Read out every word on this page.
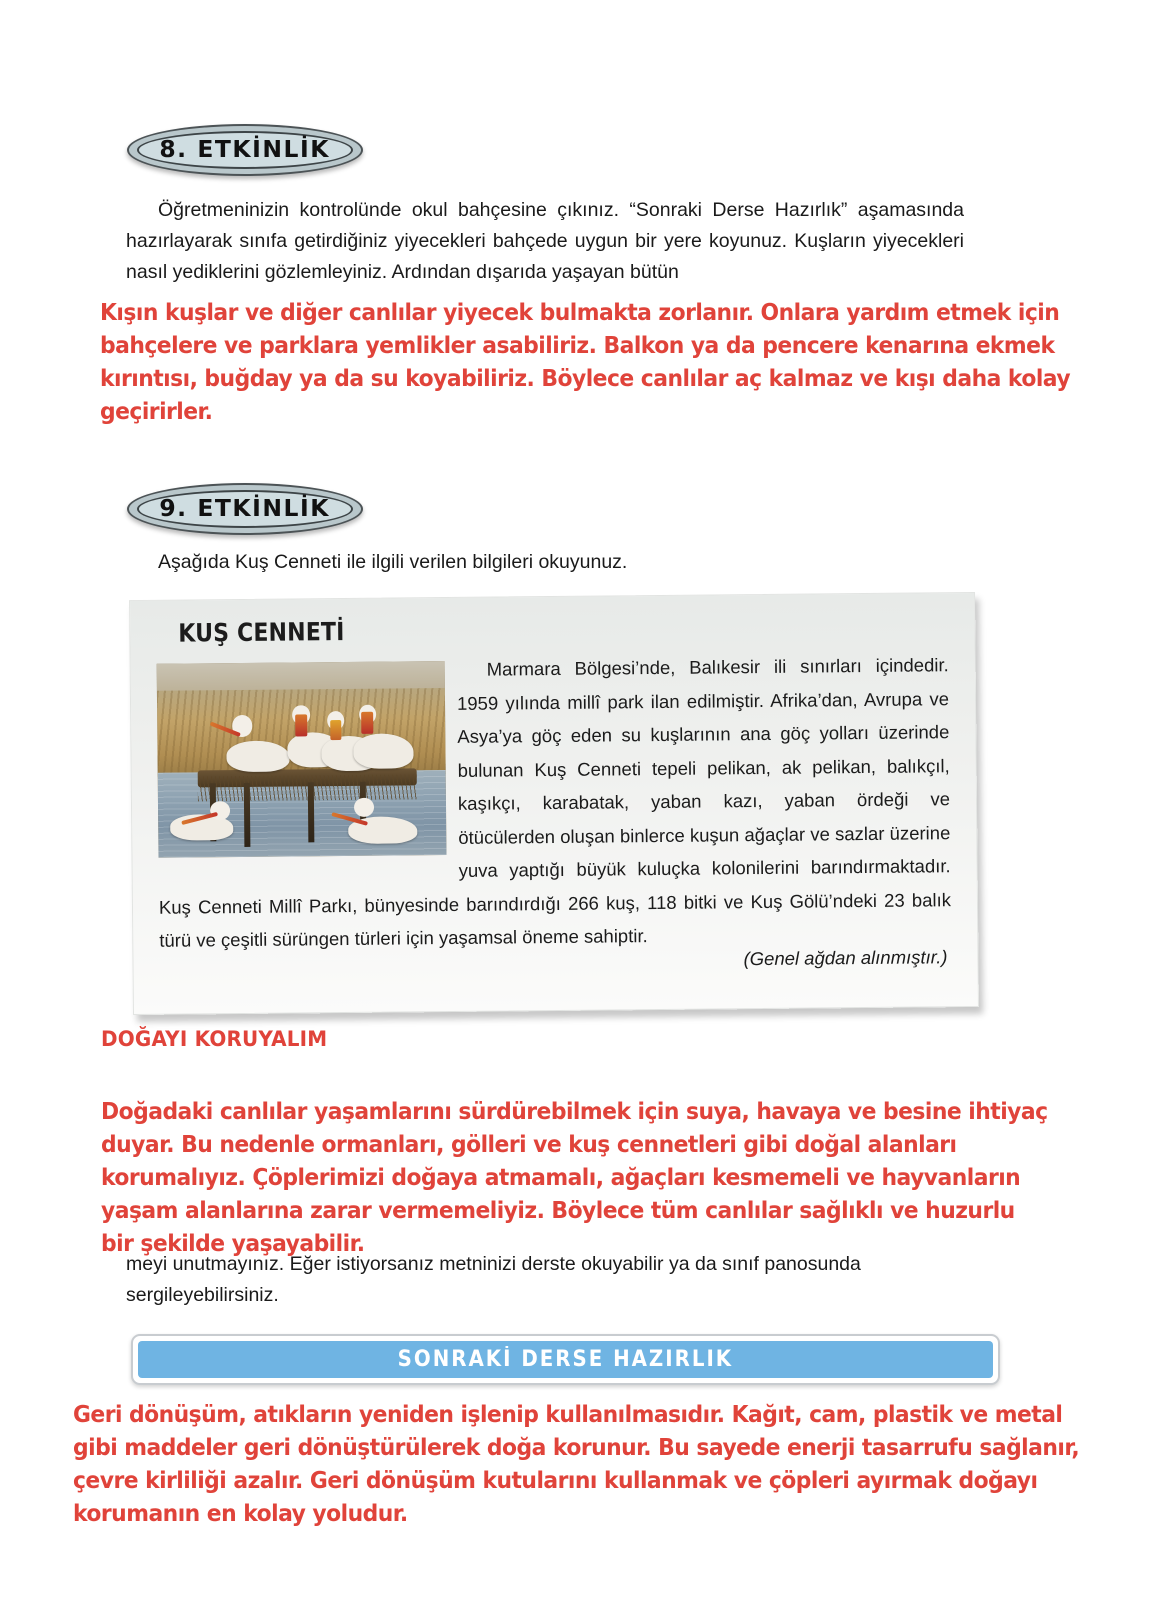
8. ETKİNLİK
Öğretmeninizin kontrolünde okul bahçesine çıkınız. “Sonraki Derse Hazırlık” aşamasında hazırlayarak sınıfa getirdiğiniz yiyecekleri bahçede uygun bir yere koyunuz. Kuşların yiyecekleri nasıl yediklerini gözlemleyiniz. Ardından dışarıda yaşayan bütün
Kışın kuşlar ve diğer canlılar yiyecek bulmakta zorlanır. Onlara yardım etmek için bahçelere ve parklara yemlikler asabiliriz. Balkon ya da pencere kenarına ekmek kırıntısı, buğday ya da su koyabiliriz. Böylece canlılar aç kalmaz ve kışı daha kolay geçirirler.
9. ETKİNLİK
Aşağıda Kuş Cenneti ile ilgili verilen bilgileri okuyunuz.
KUŞ CENNETİ
Marmara Bölgesi’nde, Balıkesir ili sınırları içindedir. 1959 yılında millî park ilan edilmiştir. Afrika’dan, Avrupa ve Asya’ya göç eden su kuşlarının ana göç yolları üzerinde bulunan Kuş Cenneti tepeli pelikan, ak pelikan, balıkçıl, kaşıkçı, karabatak, yaban kazı, yaban ördeği ve ötücülerden oluşan binlerce kuşun ağaçlar ve sazlar üzerine yuva yaptığı büyük kuluçka kolonilerini barındırmaktadır. Kuş Cenneti Millî Parkı, bünyesinde barındırdığı 266 kuş, 118 bitki ve Kuş Gölü’ndeki 23 balık türü ve çeşitli sürüngen türleri için yaşamsal öneme sahiptir.
(Genel ağdan alınmıştır.)
DOĞAYI KORUYALIM
Doğadaki canlılar yaşamlarını sürdürebilmek için suya, havaya ve besine ihtiyaç duyar. Bu nedenle ormanları, gölleri ve kuş cennetleri gibi doğal alanları korumalıyız. Çöplerimizi doğaya atmamalı, ağaçları kesmemeli ve hayvanların yaşam alanlarına zarar vermemeliyiz. Böylece tüm canlılar sağlıklı ve huzurlu bir şekilde yaşayabilir.
meyi unutmayınız. Eğer istiyorsanız metninizi derste okuyabilir ya da sınıf panosunda sergileyebilirsiniz.
SONRAKİ DERSE HAZIRLIK
Geri dönüşüm, atıkların yeniden işlenip kullanılmasıdır. Kağıt, cam, plastik ve metal gibi maddeler geri dönüştürülerek doğa korunur. Bu sayede enerji tasarrufu sağlanır, çevre kirliliği azalır. Geri dönüşüm kutularını kullanmak ve çöpleri ayırmak doğayı korumanın en kolay yoludur.
